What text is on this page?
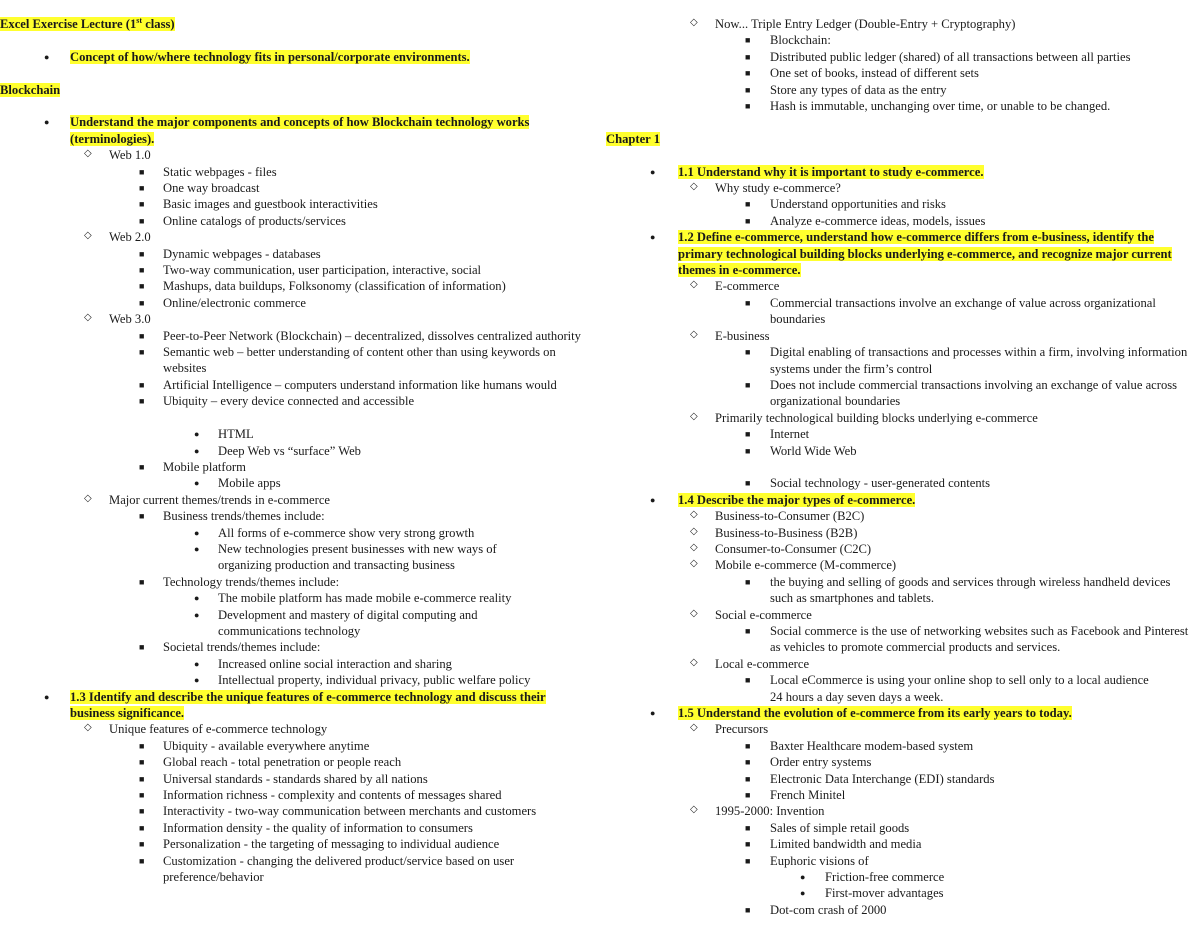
Excel Exercise Lecture (1st class)
● Concept of how/where technology fits in personal/corporate environments.
Blockchain
● Understand the major components and concepts of how Blockchain technology works (terminologies).
◇ Web 1.0
■ Static webpages - files
■ One way broadcast
■ Basic images and guestbook interactivities
■ Online catalogs of products/services
◇ Web 2.0
■ Dynamic webpages - databases
■ Two-way communication, user participation, interactive, social
■ Mashups, data buildups, Folksonomy (classification of information)
■ Online/electronic commerce
◇ Web 3.0
■ Peer-to-Peer Network (Blockchain) – decentralized, dissolves centralized authority
■ Semantic web – better understanding of content other than using keywords on websites
■ Artificial Intelligence – computers understand information like humans would
■ Ubiquity – every device connected and accessible
● HTML
● Deep Web vs “surface” Web
■ Mobile platform
● Mobile apps
◇ Major current themes/trends in e-commerce
■ Business trends/themes include:
● All forms of e-commerce show very strong growth
● New technologies present businesses with new ways of organizing production and transacting business
■ Technology trends/themes include:
● The mobile platform has made mobile e-commerce reality
● Development and mastery of digital computing and communications technology
■ Societal trends/themes include:
● Increased online social interaction and sharing
● Intellectual property, individual privacy, public welfare policy
● 1.3 Identify and describe the unique features of e-commerce technology and discuss their business significance.
◇ Unique features of e-commerce technology
■ Ubiquity - available everywhere anytime
■ Global reach - total penetration or people reach
■ Universal standards - standards shared by all nations
■ Information richness - complexity and contents of messages shared
■ Interactivity - two-way communication between merchants and customers
■ Information density - the quality of information to consumers
■ Personalization - the targeting of messaging to individual audience
■ Customization - changing the delivered product/service based on user preference/behavior
◇ Now... Triple Entry Ledger (Double-Entry + Cryptography)
■ Blockchain:
■ Distributed public ledger (shared) of all transactions between all parties
■ One set of books, instead of different sets
■ Store any types of data as the entry
■ Hash is immutable, unchanging over time, or unable to be changed.
Chapter 1
● 1.1 Understand why it is important to study e-commerce.
◇ Why study e-commerce?
■ Understand opportunities and risks
■ Analyze e-commerce ideas, models, issues
● 1.2 Define e-commerce, understand how e-commerce differs from e-business, identify the primary technological building blocks underlying e-commerce, and recognize major current themes in e-commerce.
◇ E-commerce
■ Commercial transactions involve an exchange of value across organizational boundaries
◇ E-business
■ Digital enabling of transactions and processes within a firm, involving information systems under the firm’s control
■ Does not include commercial transactions involving an exchange of value across organizational boundaries
◇ Primarily technological building blocks underlying e-commerce
■ Internet
■ World Wide Web
■ Social technology - user-generated contents
● 1.4 Describe the major types of e-commerce.
◇ Business-to-Consumer (B2C)
◇ Business-to-Business (B2B)
◇ Consumer-to-Consumer (C2C)
◇ Mobile e-commerce (M-commerce)
■ the buying and selling of goods and services through wireless handheld devices such as smartphones and tablets.
◇ Social e-commerce
■ Social commerce is the use of networking websites such as Facebook and Pinterest as vehicles to promote commercial products and services.
◇ Local e-commerce
■ Local eCommerce is using your online shop to sell only to a local audience 24 hours a day seven days a week.
● 1.5 Understand the evolution of e-commerce from its early years to today.
◇ Precursors
■ Baxter Healthcare modem-based system
■ Order entry systems
■ Electronic Data Interchange (EDI) standards
■ French Minitel
◇ 1995-2000: Invention
■ Sales of simple retail goods
■ Limited bandwidth and media
■ Euphoric visions of
● Friction-free commerce
● First-mover advantages
■ Dot-com crash of 2000
